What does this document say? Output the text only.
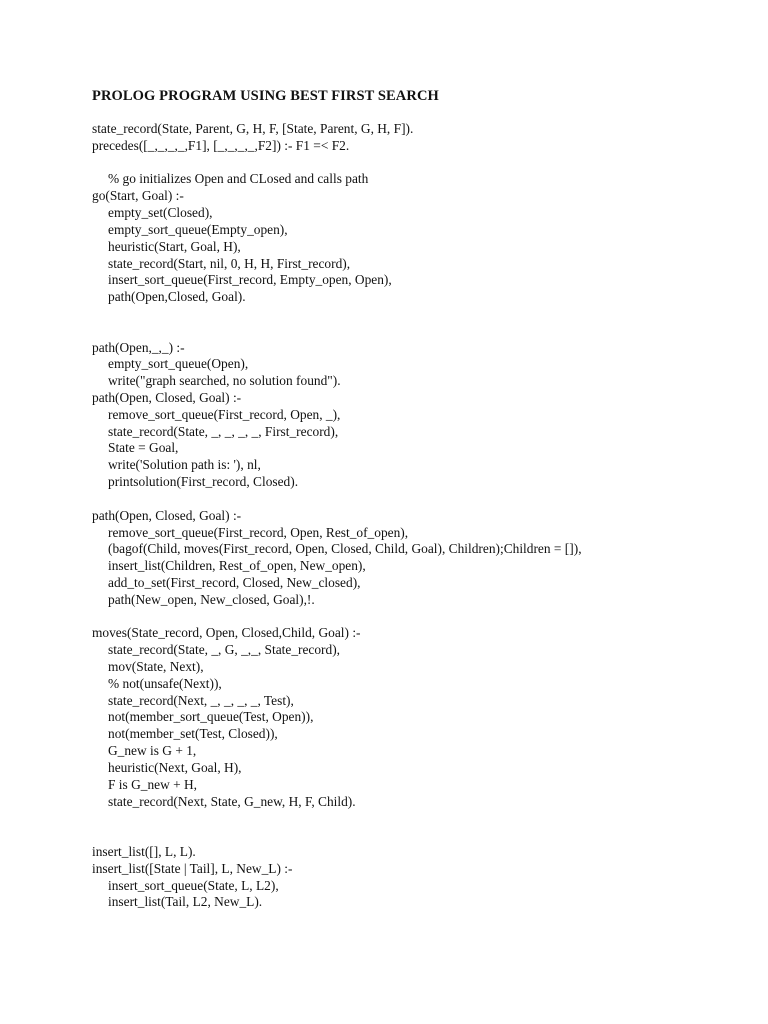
PROLOG PROGRAM USING BEST FIRST SEARCH
state_record(State, Parent, G, H, F, [State, Parent, G, H, F]).
precedes([_,_,_,_,F1], [_,_,_,_,F2]) :- F1 =< F2.
% go initializes Open and CLosed and calls path
go(Start, Goal) :-
empty_set(Closed),
empty_sort_queue(Empty_open),
heuristic(Start, Goal, H),
state_record(Start, nil, 0, H, H, First_record),
insert_sort_queue(First_record, Empty_open, Open),
path(Open,Closed, Goal).
path(Open,_,_) :-
empty_sort_queue(Open),
write("graph searched, no solution found").
path(Open, Closed, Goal) :-
remove_sort_queue(First_record, Open, _),
state_record(State, _, _, _, _, First_record),
State = Goal,
write('Solution path is: '), nl,
printsolution(First_record, Closed).
path(Open, Closed, Goal) :-
remove_sort_queue(First_record, Open, Rest_of_open),
(bagof(Child, moves(First_record, Open, Closed, Child, Goal), Children);Children = []),
insert_list(Children, Rest_of_open, New_open),
add_to_set(First_record, Closed, New_closed),
path(New_open, New_closed, Goal),!.
moves(State_record, Open, Closed,Child, Goal) :-
state_record(State, _, G, _,_, State_record),
mov(State, Next),
% not(unsafe(Next)),
state_record(Next, _, _, _, _, Test),
not(member_sort_queue(Test, Open)),
not(member_set(Test, Closed)),
G_new is G + 1,
heuristic(Next, Goal, H),
F is G_new + H,
state_record(Next, State, G_new, H, F, Child).
insert_list([], L, L).
insert_list([State | Tail], L, New_L) :-
insert_sort_queue(State, L, L2),
insert_list(Tail, L2, New_L).
